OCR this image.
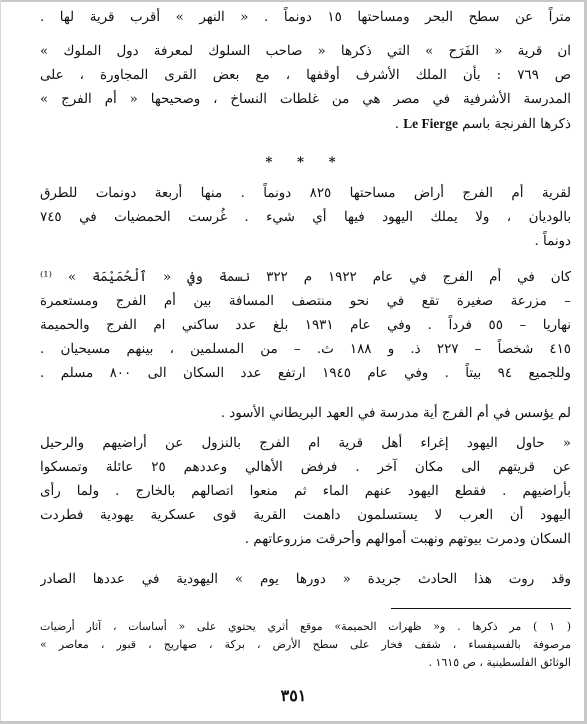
متراً عن سطح البحر ومساحتها ١٥ دونماً . « النهر » أقرب قرية لها .
ان قرية « الفَرَح » التي ذكرها « صاحب السلوك لمعرفة دول الملوك »
ص ٧٦٩ : بأن الملك الأشرف أوقفها ، مع بعض القرى المجاورة ، على
المدرسة الأشرفية في مصر هي من غلطات النساخ ، وصحيحها « أم الفرج »
ذكرها الفرنجة باسم Le Fierge .
* * *
لقرية أم الفرج أراض مساحتها ٨٢٥ دونماً . منها أربعة دونمات للطرق
بالوديان ، ولا يملك اليهود فيها أي شيء . غُرست الحمضيات في ٧٤٥
دونماً .
كان في أم الفرج في عام ١٩٢٢ م ٣٢٢ نسمة وفي « ٱلْحُمَيْمَة » ⁽¹⁾
– مزرعة صغيرة تقع في نحو منتصف المسافة بين أم الفرج ومستعمرة
نهاريا – ٥٥ فرداً . وفي عام ١٩٣١ بلغ عدد ساكني ام الفرج والحميمة
٤١٥ شخصاً – ٢٢٧ ذ. و ١٨٨ ث. – من المسلمين ، بينهم مسيحيان .
وللجميع ٩٤ بيتاً . وفي عام ١٩٤٥ ارتفع عدد السكان الى ٨٠٠ مسلم .
لم يؤسس في أم الفرج أية مدرسة في العهد البريطاني الأسود .
« حاول اليهود إغراء أهل قرية ام الفرج بالنزول عن أراضيهم والرحيل
عن قريتهم الى مكان آخر . فرفض الأهالي وعددهم ٢٥ عائلة وتمسكوا
بأراضيهم . فقطع اليهود عنهم الماء ثم منعوا اتصالهم بالخارج . ولما رأى
اليهود أن العرب لا يستسلمون داهمت القرية قوى عسكرية يهودية فطردت
السكان ودمرت بيوتهم ونهبت أموالهم وأحرقت مزروعاتهم .
وقد روت هذا الحادث جريدة « دورها يوم » اليهودية في عددها الصادر
( ١ ) مر ذكرها . و« ظهرات الحميمة» موقع أثري يحتوي على « أساسات ، آثار أرضيات
مرصوفة بالفسيفساء ، شقف فخار على سطح الأرض ، بركة ، صهاريج ، قبور ، معاصر »
الوثائق الفلسطينية ، ص ١٦١٥ .
٣٥١
